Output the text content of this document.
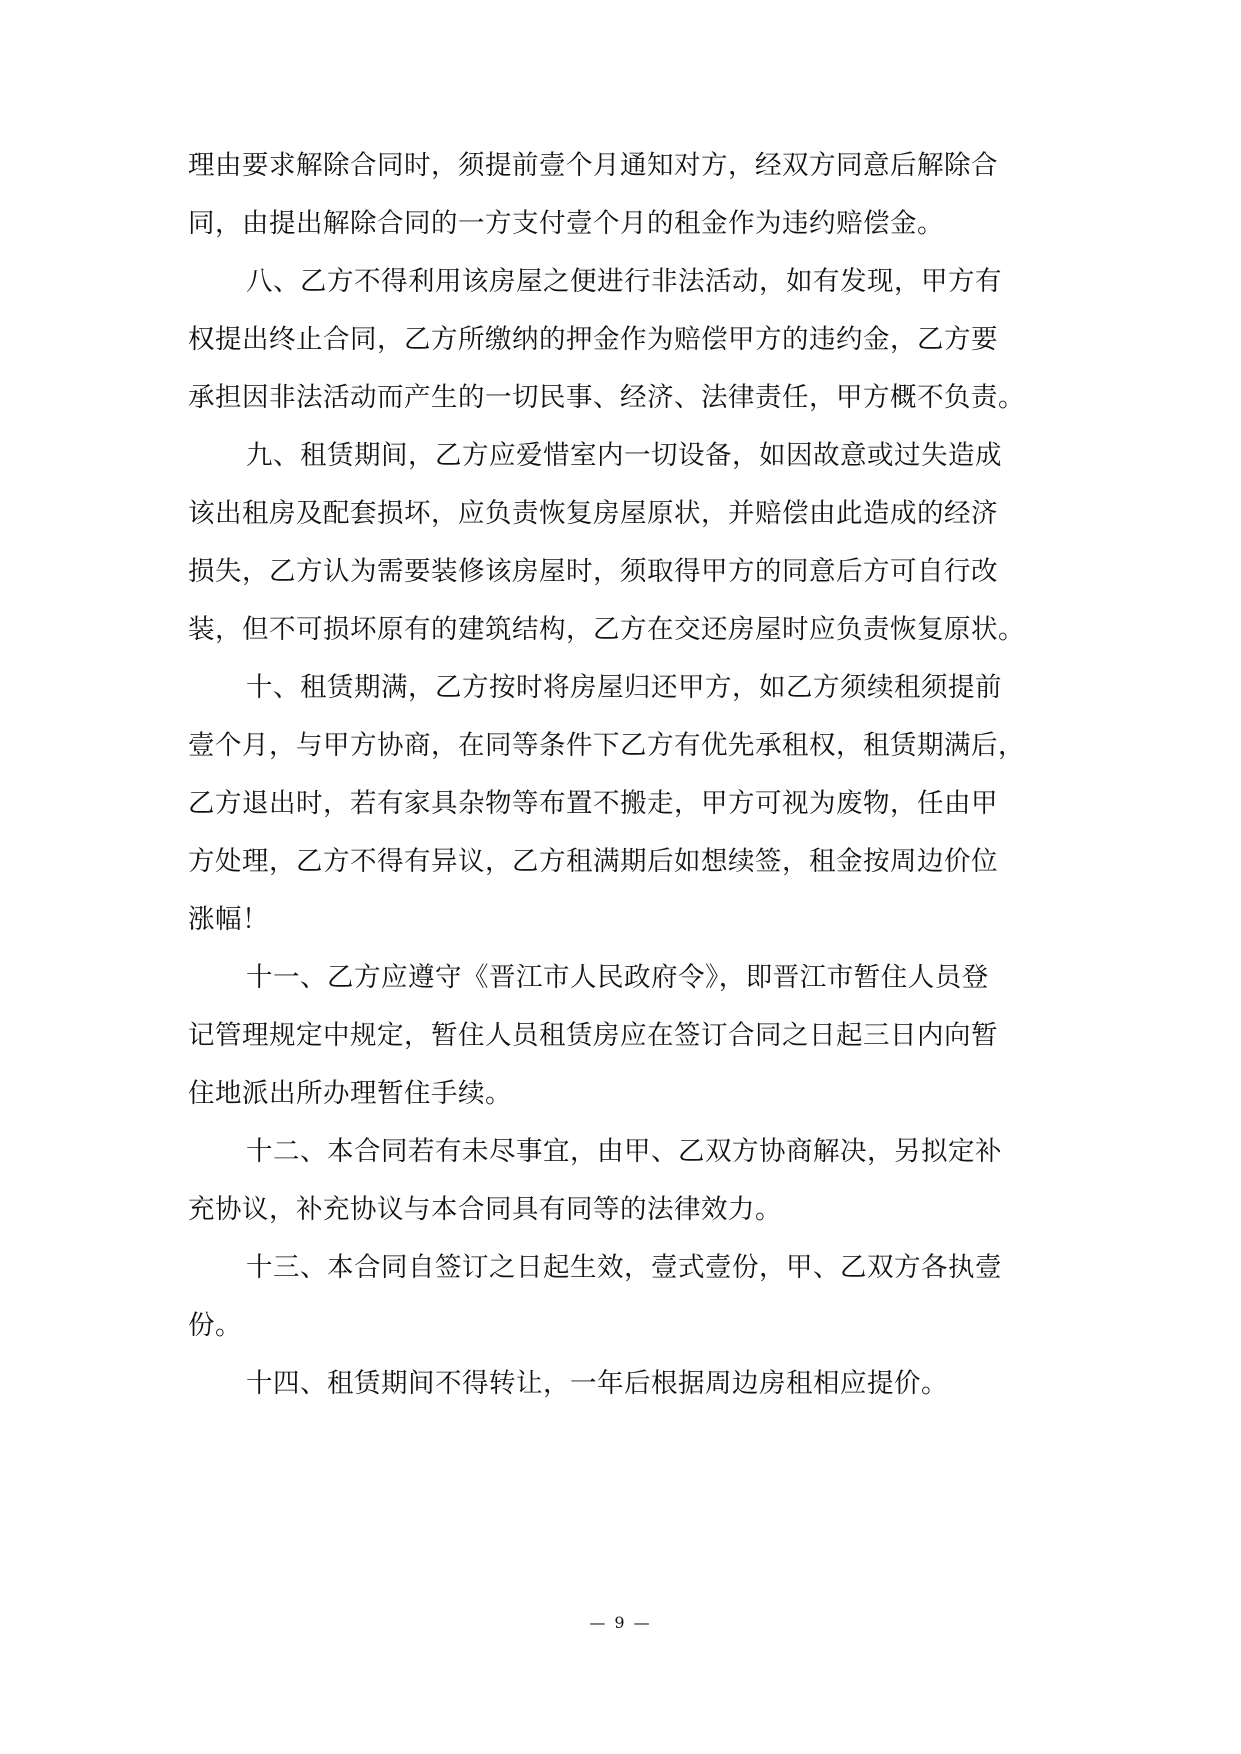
理由要求解除合同时，须提前壹个月通知对方，经双方同意后解除合
同，由提出解除合同的一方支付壹个月的租金作为违约赔偿金。
八、乙方不得利用该房屋之便进行非法活动，如有发现，甲方有
权提出终止合同，乙方所缴纳的押金作为赔偿甲方的违约金，乙方要
承担因非法活动而产生的一切民事、经济、法律责任，甲方概不负责。
九、租赁期间，乙方应爱惜室内一切设备，如因故意或过失造成
该出租房及配套损坏，应负责恢复房屋原状，并赔偿由此造成的经济
损失，乙方认为需要装修该房屋时，须取得甲方的同意后方可自行改
装，但不可损坏原有的建筑结构，乙方在交还房屋时应负责恢复原状。
十、租赁期满，乙方按时将房屋归还甲方，如乙方须续租须提前
壹个月，与甲方协商，在同等条件下乙方有优先承租权，租赁期满后，
乙方退出时，若有家具杂物等布置不搬走，甲方可视为废物，任由甲
方处理，乙方不得有异议，乙方租满期后如想续签，租金按周边价位
涨幅！
十一、乙方应遵守《晋江市人民政府令》，即晋江市暂住人员登
记管理规定中规定，暂住人员租赁房应在签订合同之日起三日内向暂
住地派出所办理暂住手续。
十二、本合同若有未尽事宜，由甲、乙双方协商解决，另拟定补
充协议，补充协议与本合同具有同等的法律效力。
十三、本合同自签订之日起生效，壹式壹份，甲、乙双方各执壹
份。
十四、租赁期间不得转让，一年后根据周边房租相应提价。
— 9 —
